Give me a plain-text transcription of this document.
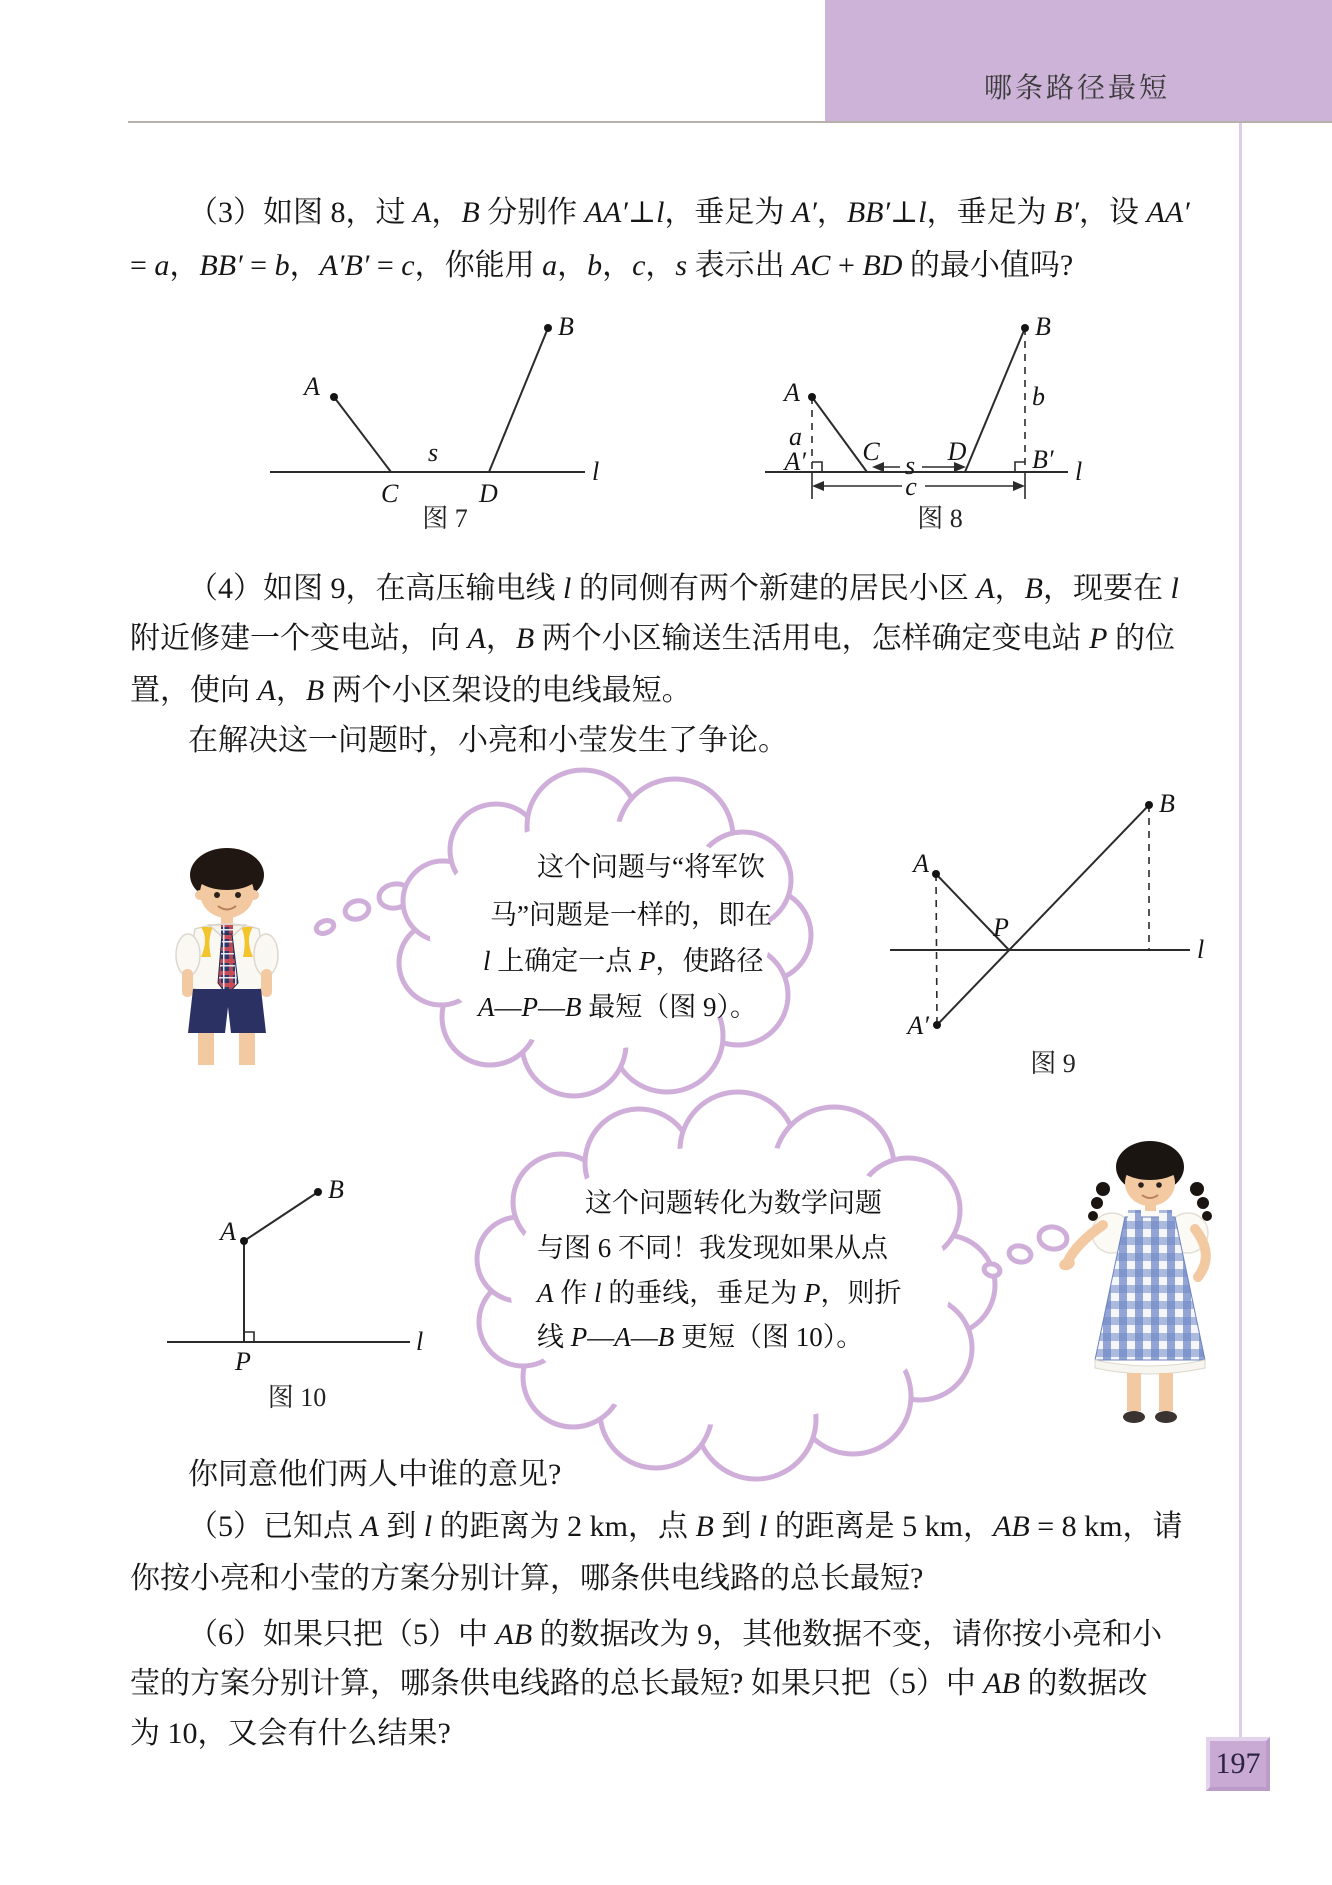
哪条路径最短
（3）如图 8，过 A，B 分别作 AA′⊥l，垂足为 A′，BB′⊥l，垂足为 B′，设 AA′
= a，BB′ = b，A′B′ = c，你能用 a，b，c，s 表示出 AC + BD 的最小值吗?
（4）如图 9，在高压输电线 l 的同侧有两个新建的居民小区 A，B，现要在 l
附近修建一个变电站，向 A，B 两个小区输送生活用电，怎样确定变电站 P 的位
置，使向 A，B 两个小区架设的电线最短。
在解决这一问题时，小亮和小莹发生了争论。
你同意他们两人中谁的意见?
（5）已知点 A 到 l 的距离为 2 km，点 B 到 l 的距离是 5 km，AB = 8 km，请
你按小亮和小莹的方案分别计算，哪条供电线路的总长最短?
（6）如果只把（5）中 AB 的数据改为 9，其他数据不变，请你按小亮和小
莹的方案分别计算，哪条供电线路的总长最短? 如果只把（5）中 AB 的数据改
为 10，又会有什么结果?
A
B
C	D
s
l
图 7
A
B
C	D
A′	B′
a
b
c
s	l
图 8
这个问题与“将军饮
马”问题是一样的，即在
l 上确定一点 P，使路径
A—P—B 最短（图 9）。
A
B
A′
P
l
图 9
A
B
P
l
图 10
这个问题转化为数学问题
与图 6 不同！我发现如果从点
A 作 l 的垂线，垂足为 P，则折
线 P—A—B 更短（图 10）。
197
